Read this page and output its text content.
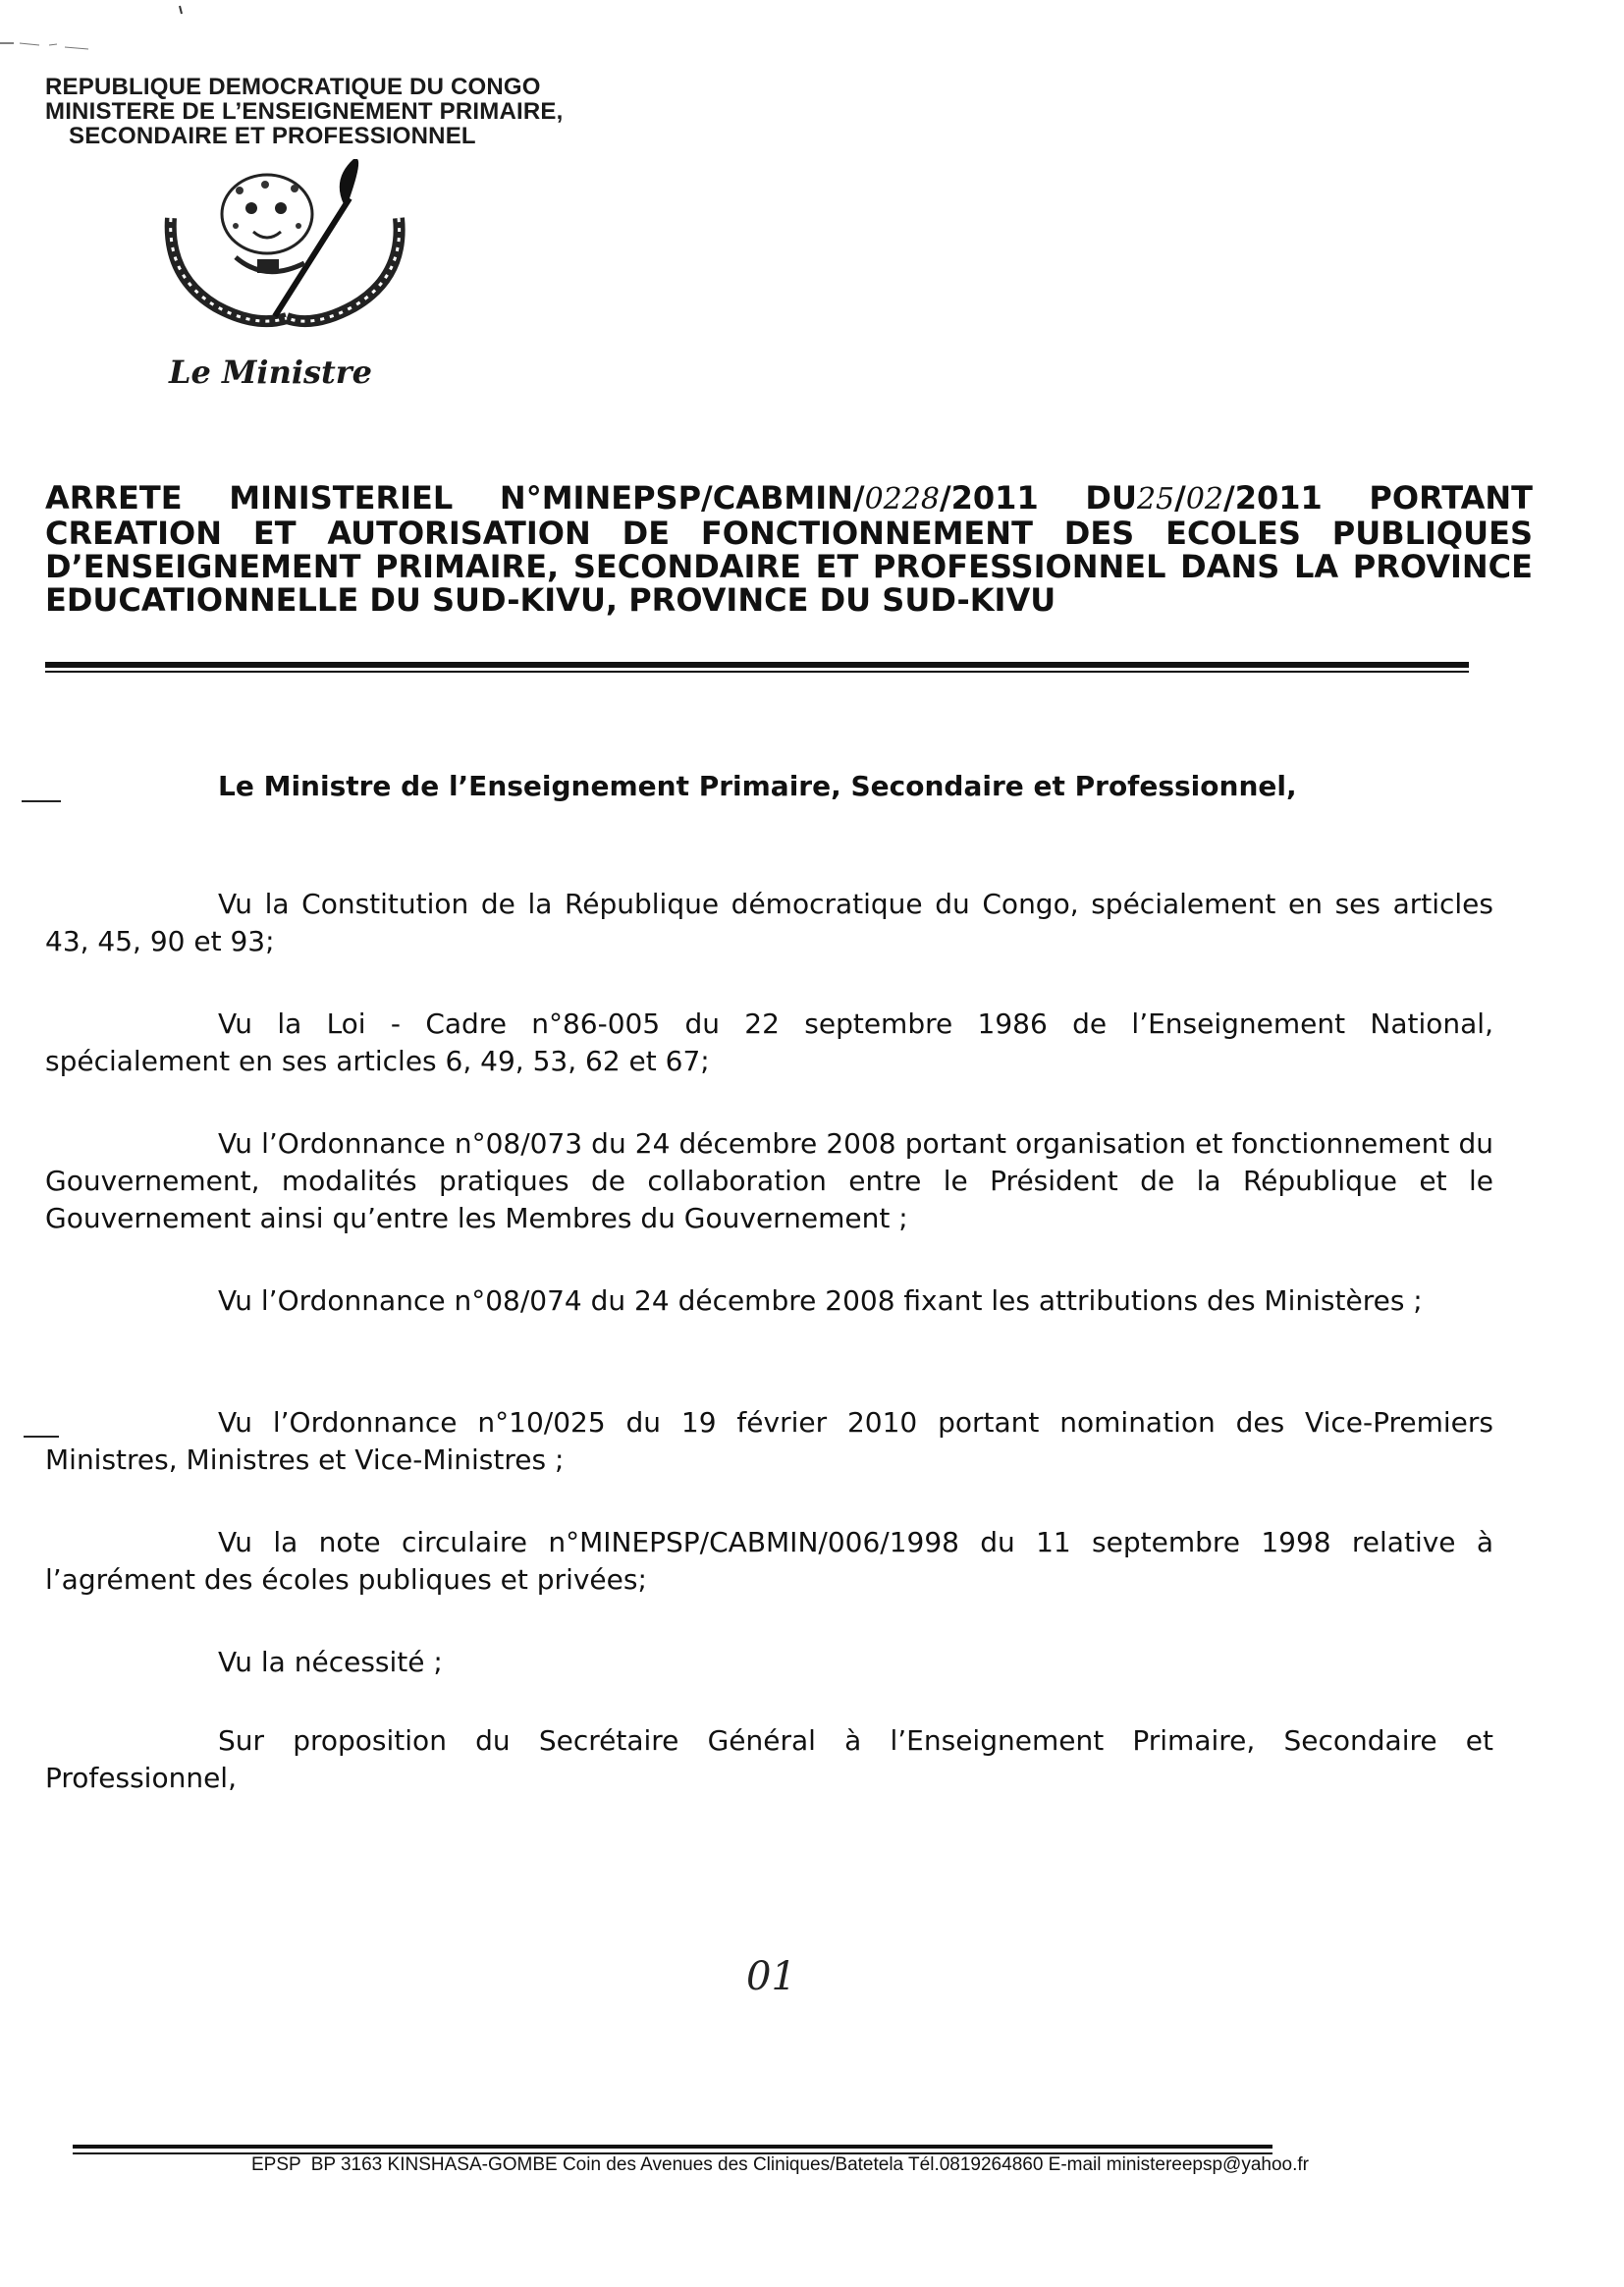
REPUBLIQUE DEMOCRATIQUE DU CONGO
MINISTERE DE L’ENSEIGNEMENT PRIMAIRE,
SECONDAIRE ET PROFESSIONNEL
Le Ministre
ARRETE MINISTERIEL N°MINEPSP/CABMIN/0228/2011 DU25/02/2011 PORTANT
CREATION ET AUTORISATION DE FONCTIONNEMENT DES ECOLES PUBLIQUES
D’ENSEIGNEMENT PRIMAIRE, SECONDAIRE ET PROFESSIONNEL DANS LA PROVINCE
EDUCATIONNELLE DU SUD-KIVU, PROVINCE DU SUD-KIVU
Le Ministre de l’Enseignement Primaire, Secondaire et Professionnel,
Vu la Constitution de la République démocratique du Congo, spécialement en ses articles 43, 45, 90 et 93;
Vu la Loi - Cadre n°86-005 du 22 septembre 1986 de l’Enseignement National, spécialement en ses articles 6, 49, 53, 62 et 67;
Vu l’Ordonnance n°08/073 du 24 décembre 2008 portant organisation et fonctionnement du Gouvernement, modalités pratiques de collaboration entre le Président de la République et le Gouvernement ainsi qu’entre les Membres du Gouvernement ;
Vu l’Ordonnance n°08/074 du 24 décembre 2008 fixant les attributions des Ministères ;
Vu l’Ordonnance n°10/025 du 19 février 2010 portant nomination des Vice-Premiers Ministres, Ministres et Vice-Ministres ;
Vu la note circulaire n°MINEPSP/CABMIN/006/1998 du 11 septembre 1998 relative à l’agrément des écoles publiques et privées;
Vu la nécessité ;
Sur proposition du Secrétaire Général à l’Enseignement Primaire, Secondaire et Professionnel,
01
EPSP BP 3163 KINSHASA-GOMBE Coin des Avenues des Cliniques/Batetela Tél.0819264860 E-mail ministereepsp@yahoo.fr
